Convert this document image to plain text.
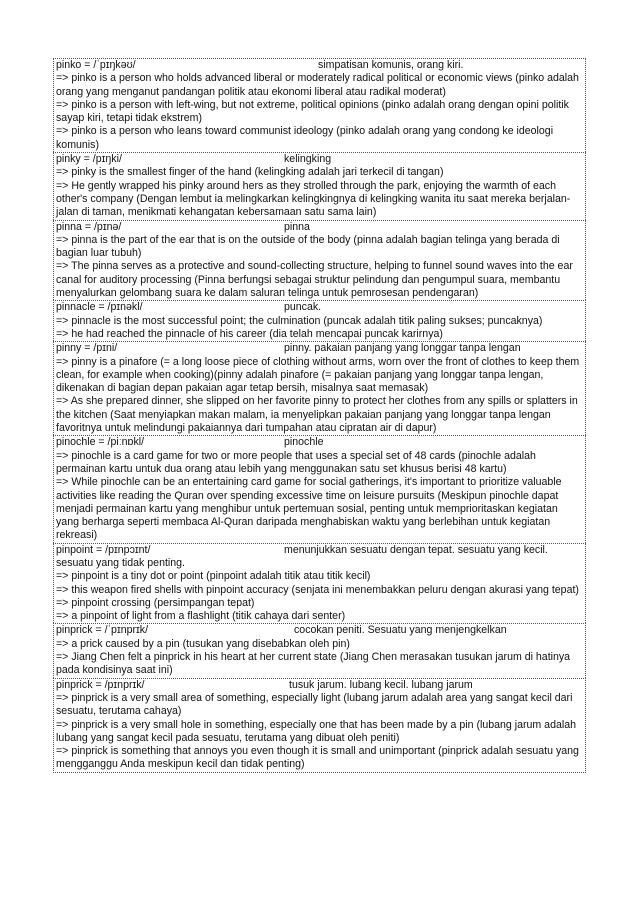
pinko = /ˈpɪŋkəʊ/	simpatisan komunis, orang kiri.
=> pinko is a person who holds advanced liberal or moderately radical political or economic views (pinko adalah orang yang menganut pandangan politik atau ekonomi liberal atau radikal moderat)
=> pinko is a person with left-wing, but not extreme, political opinions (pinko adalah orang dengan opini politik sayap kiri, tetapi tidak ekstrem)
=> pinko is a person who leans toward communist ideology (pinko adalah orang yang condong ke ideologi komunis)
pinky = /pɪŋki/	kelingking
=> pinky is the smallest finger of the hand (kelingking adalah jari terkecil di tangan)
=> He gently wrapped his pinky around hers as they strolled through the park, enjoying the warmth of each other's company (Dengan lembut ia melingkarkan kelingkingnya di kelingking wanita itu saat mereka berjalan-jalan di taman, menikmati kehangatan kebersamaan satu sama lain)
pinna = /pɪnə/	pinna
=> pinna is the part of the ear that is on the outside of the body (pinna adalah bagian telinga yang berada di bagian luar tubuh)
=> The pinna serves as a protective and sound-collecting structure, helping to funnel sound waves into the ear canal for auditory processing (Pinna berfungsi sebagai struktur pelindung dan pengumpul suara, membantu menyalurkan gelombang suara ke dalam saluran telinga untuk pemrosesan pendengaran)
pinnacle = /pɪnəkl/	puncak.
=> pinnacle is the most successful point; the culmination (puncak adalah titik paling sukses; puncaknya)
=> he had reached the pinnacle of his career (dia telah mencapai puncak karirnya)
pinny = /pɪni/	pinny. pakaian panjang yang longgar tanpa lengan
=> pinny is a pinafore (= a long loose piece of clothing without arms, worn over the front of clothes to keep them clean, for example when cooking)(pinny adalah pinafore (= pakaian panjang yang longgar tanpa lengan, dikenakan di bagian depan pakaian agar tetap bersih, misalnya saat memasak)
=> As she prepared dinner, she slipped on her favorite pinny to protect her clothes from any spills or splatters in the kitchen (Saat menyiapkan makan malam, ia menyelipkan pakaian panjang yang longgar tanpa lengan favoritnya untuk melindungi pakaiannya dari tumpahan atau cipratan air di dapur)
pinochle = /piːnɒkl/	pinochle
=> pinochle is a card game for two or more people that uses a special set of 48 cards (pinochle adalah permainan kartu untuk dua orang atau lebih yang menggunakan satu set khusus berisi 48 kartu)
=> While pinochle can be an entertaining card game for social gatherings, it's important to prioritize valuable activities like reading the Quran over spending excessive time on leisure pursuits (Meskipun pinochle dapat menjadi permainan kartu yang menghibur untuk pertemuan sosial, penting untuk memprioritaskan kegiatan yang berharga seperti membaca Al-Quran daripada menghabiskan waktu yang berlebihan untuk kegiatan rekreasi)
pinpoint = /pɪnpɔɪnt/	menunjukkan sesuatu dengan tepat. sesuatu yang kecil.
sesuatu yang tidak penting.
=> pinpoint is a tiny dot or point (pinpoint adalah titik atau titik kecil)
=> this weapon fired shells with pinpoint accuracy (senjata ini menembakkan peluru dengan akurasi yang tepat)
=> pinpoint crossing (persimpangan tepat)
=> a pinpoint of light from a flashlight (titik cahaya dari senter)
pinprick = /ˈpɪnprɪk/	cocokan peniti. Sesuatu yang menjengkelkan
=> a prick caused by a pin (tusukan yang disebabkan oleh pin)
=> Jiang Chen felt a pinprick in his heart at her current state (Jiang Chen merasakan tusukan jarum di hatinya pada kondisinya saat ini)
pinprick = /pɪnprɪk/	tusuk jarum. lubang kecil. lubang jarum
=> pinprick is a very small area of something, especially light (lubang jarum adalah area yang sangat kecil dari sesuatu, terutama cahaya)
=> pinprick is a very small hole in something, especially one that has been made by a pin (lubang jarum adalah lubang yang sangat kecil pada sesuatu, terutama yang dibuat oleh peniti)
=> pinprick is something that annoys you even though it is small and unimportant (pinprick adalah sesuatu yang mengganggu Anda meskipun kecil dan tidak penting)
